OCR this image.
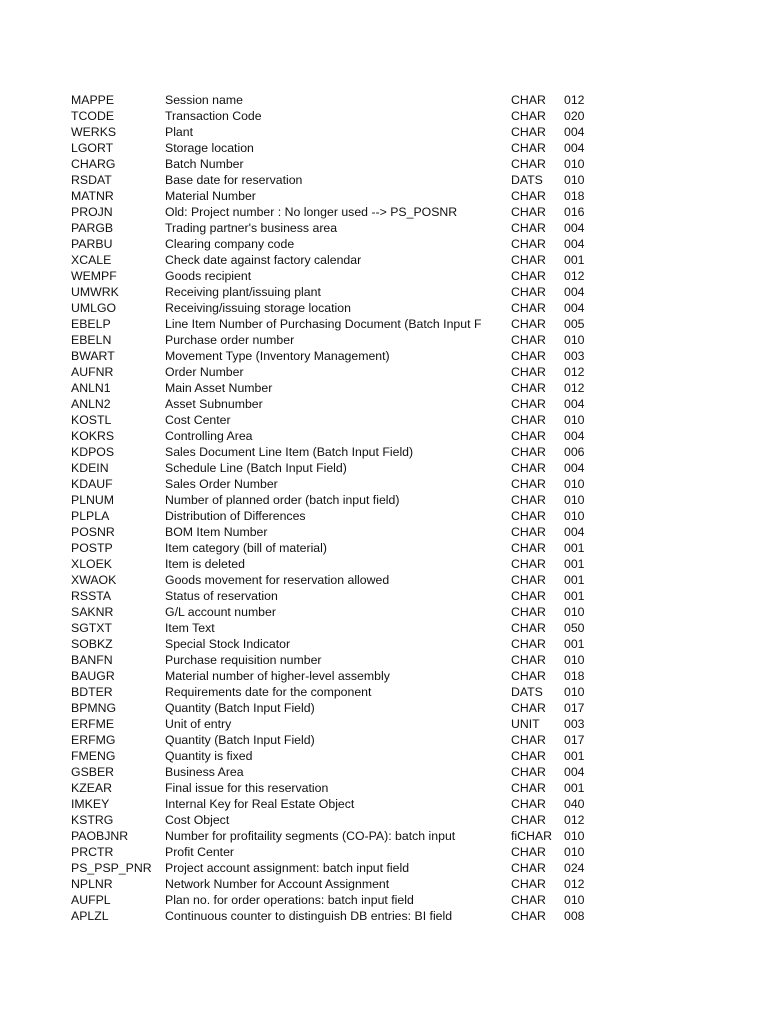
MAPPE	Session name	CHAR	012
TCODE	Transaction Code	CHAR	020
WERKS	Plant	CHAR	004
LGORT	Storage location	CHAR	004
CHARG	Batch Number	CHAR	010
RSDAT	Base date for reservation	DATS	010
MATNR	Material Number	CHAR	018
PROJN	Old: Project number : No longer used --> PS_POSNR	CHAR	016
PARGB	Trading partner's business area	CHAR	004
PARBU	Clearing company code	CHAR	004
XCALE	Check date against factory calendar	CHAR	001
WEMPF	Goods recipient	CHAR	012
UMWRK	Receiving plant/issuing plant	CHAR	004
UMLGO	Receiving/issuing storage location	CHAR	004
EBELP	Line Item Number of Purchasing Document (Batch Input F	CHAR	005
EBELN	Purchase order number	CHAR	010
BWART	Movement Type (Inventory Management)	CHAR	003
AUFNR	Order Number	CHAR	012
ANLN1	Main Asset Number	CHAR	012
ANLN2	Asset Subnumber	CHAR	004
KOSTL	Cost Center	CHAR	010
KOKRS	Controlling Area	CHAR	004
KDPOS	Sales Document Line Item (Batch Input Field)	CHAR	006
KDEIN	Schedule Line (Batch Input Field)	CHAR	004
KDAUF	Sales Order Number	CHAR	010
PLNUM	Number of planned order (batch input field)	CHAR	010
PLPLA	Distribution of Differences	CHAR	010
POSNR	BOM Item Number	CHAR	004
POSTP	Item category (bill of material)	CHAR	001
XLOEK	Item is deleted	CHAR	001
XWAOK	Goods movement for reservation allowed	CHAR	001
RSSTA	Status of reservation	CHAR	001
SAKNR	G/L account number	CHAR	010
SGTXT	Item Text	CHAR	050
SOBKZ	Special Stock Indicator	CHAR	001
BANFN	Purchase requisition number	CHAR	010
BAUGR	Material number of higher-level assembly	CHAR	018
BDTER	Requirements date for the component	DATS	010
BPMNG	Quantity (Batch Input Field)	CHAR	017
ERFME	Unit of entry	UNIT	003
ERFMG	Quantity (Batch Input Field)	CHAR	017
FMENG	Quantity is fixed	CHAR	001
GSBER	Business Area	CHAR	004
KZEAR	Final issue for this reservation	CHAR	001
IMKEY	Internal Key for Real Estate Object	CHAR	040
KSTRG	Cost Object	CHAR	012
PAOBJNR	Number for profitaility segments (CO-PA): batch input	ﬁCHAR	010
PRCTR	Profit Center	CHAR	010
PS_PSP_PNR	Project account assignment: batch input field	CHAR	024
NPLNR	Network Number for Account Assignment	CHAR	012
AUFPL	Plan no. for order operations: batch input field	CHAR	010
APLZL	Continuous counter to distinguish DB entries: BI field	CHAR	008
